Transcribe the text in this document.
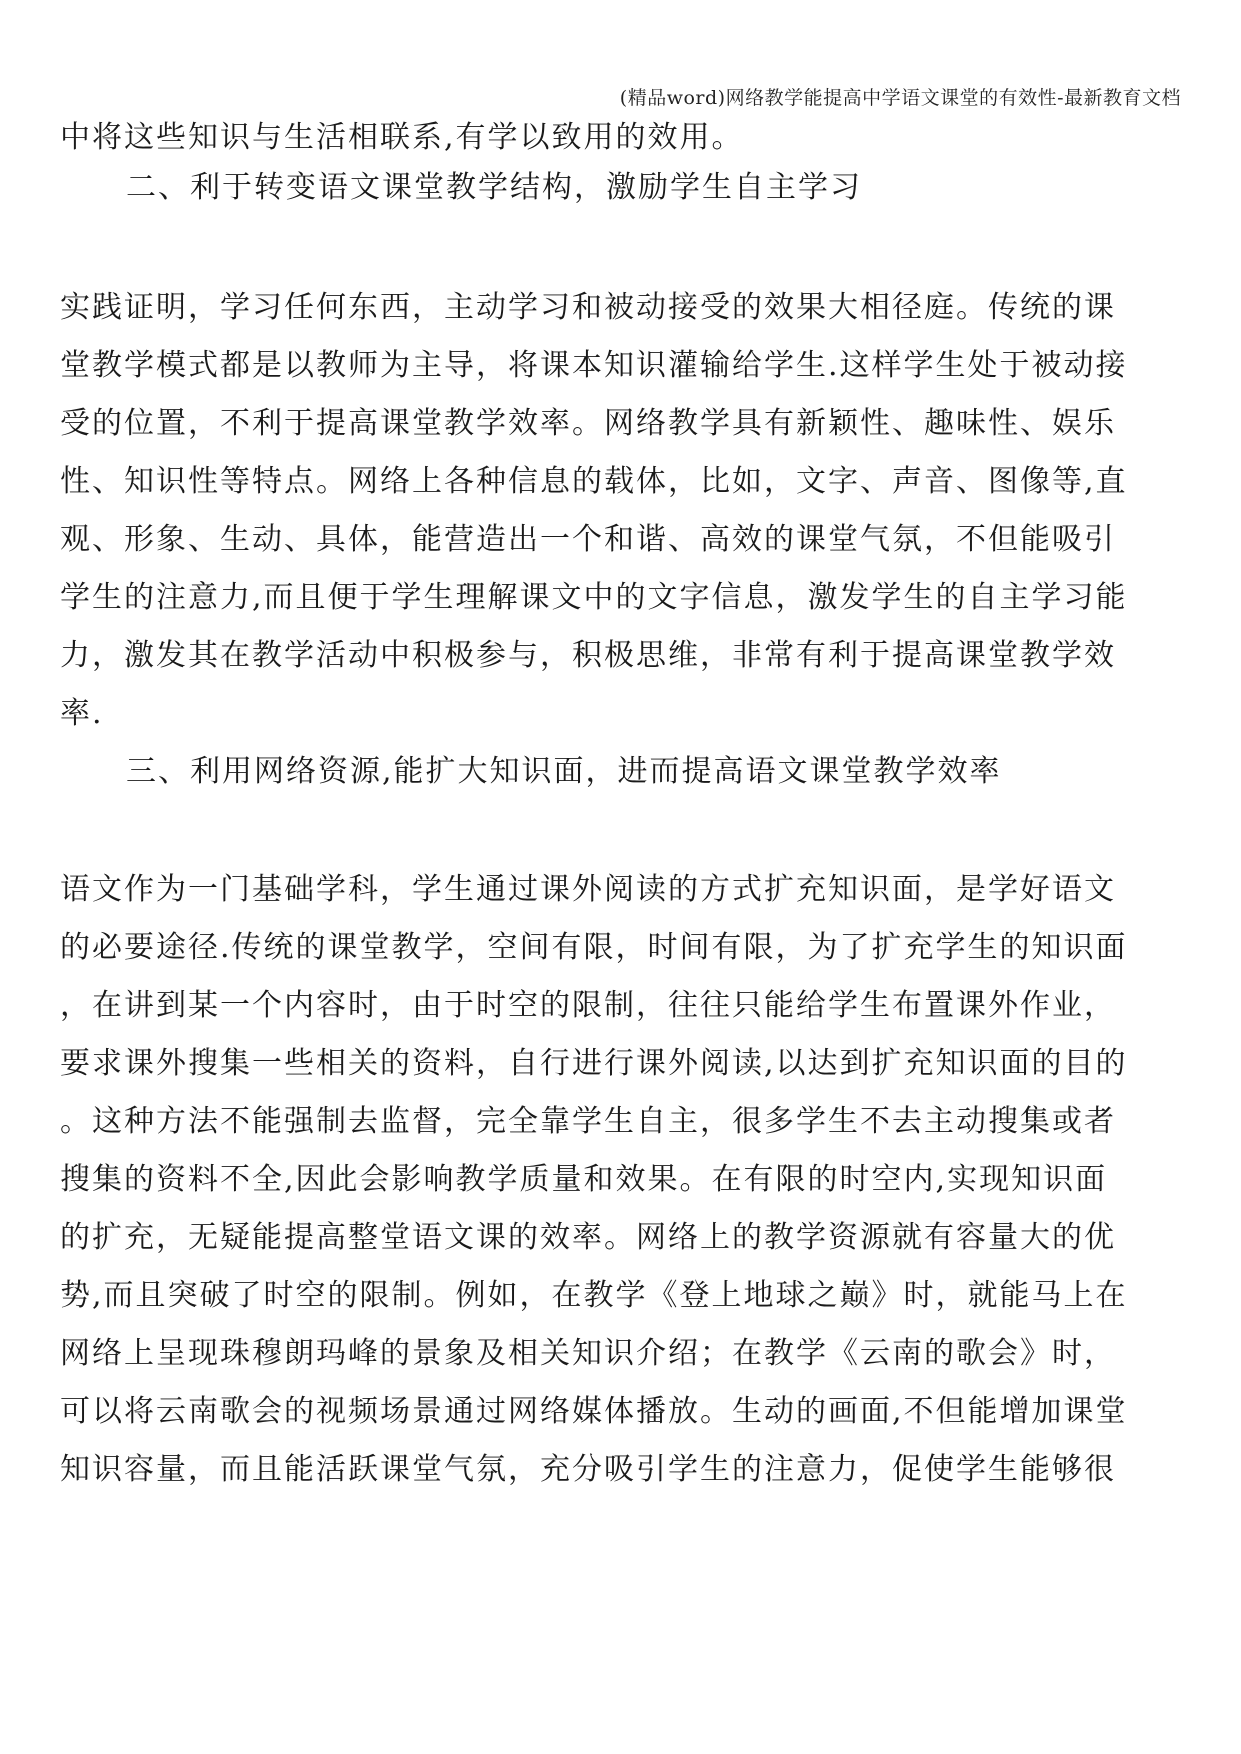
(精品word)网络教学能提高中学语文课堂的有效性-最新教育文档
中将这些知识与生活相联系,有学以致用的效用。
二、利于转变语文课堂教学结构，激励学生自主学习
实践证明，学习任何东西，主动学习和被动接受的效果大相径庭。传统的课
堂教学模式都是以教师为主导，将课本知识灌输给学生.这样学生处于被动接
受的位置，不利于提高课堂教学效率。网络教学具有新颖性、趣味性、娱乐
性、知识性等特点。网络上各种信息的载体，比如，文字、声音、图像等,直
观、形象、生动、具体，能营造出一个和谐、高效的课堂气氛，不但能吸引
学生的注意力,而且便于学生理解课文中的文字信息，激发学生的自主学习能
力，激发其在教学活动中积极参与，积极思维，非常有利于提高课堂教学效
率.
三、利用网络资源,能扩大知识面，进而提高语文课堂教学效率
语文作为一门基础学科，学生通过课外阅读的方式扩充知识面，是学好语文
的必要途径.传统的课堂教学，空间有限，时间有限，为了扩充学生的知识面
，在讲到某一个内容时，由于时空的限制，往往只能给学生布置课外作业，
要求课外搜集一些相关的资料，自行进行课外阅读,以达到扩充知识面的目的
。这种方法不能强制去监督，完全靠学生自主，很多学生不去主动搜集或者
搜集的资料不全,因此会影响教学质量和效果。在有限的时空内,实现知识面
的扩充，无疑能提高整堂语文课的效率。网络上的教学资源就有容量大的优
势,而且突破了时空的限制。例如，在教学《登上地球之巅》时，就能马上在
网络上呈现珠穆朗玛峰的景象及相关知识介绍；在教学《云南的歌会》时，
可以将云南歌会的视频场景通过网络媒体播放。生动的画面,不但能增加课堂
知识容量，而且能活跃课堂气氛，充分吸引学生的注意力，促使学生能够很
